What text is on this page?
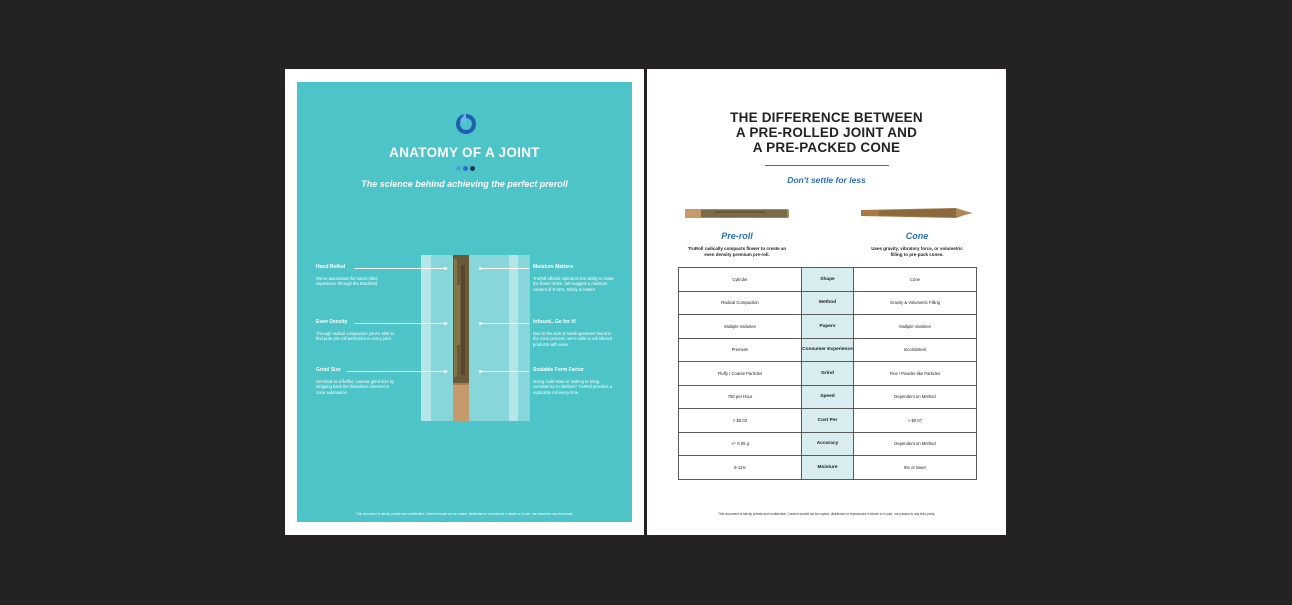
ANATOMY OF A JOINT
The science behind achieving the perfect preroll
Hand Rolled
We've automated the hand-rolled experience through the Blackbird.
Even Density
Through radical compaction you're able to find pure pre-roll perfection in every joint.
Grind Size
Get back to a fluffier, coarser grind size by stripping back the limitations inherent in cone automation.
Moisture Matters
TruRoll affords operators the ability to make the flower shine. We suggest a moisture content of 9-11%. Sticky is better!
Infused...Go for it!
Due to the lack of small apertures found in the cone process, we're able to roll infused products with ease.
Scalable Form Factor
Going multi-state or looking to bring consistency to shelves? TruRoll provides a replicable roll every time.
This document is strictly private and confidential. Content should not be copied, distributed or reproduced in whole or in part, nor passed to any third party.
THE DIFFERENCE BETWEEN
A PRE-ROLLED JOINT AND
A PRE-PACKED CONE
Don't settle for less
Pre-roll	Cone
TruRoll radically compacts flower to create an
even density premium pre-roll.
Uses gravity, vibratory force, or volumetric
filling to pre-pack cones.
Cylinder	Shape	Cone
Radical Compaction	Method	Gravity & Volumetric Filling
Multiple Varieties	Papers	Multiple Varieties
Premium	Consumer Experience	Inconsistent
Fluffy / Coarse Particles	Grind	Fine / Powder-like Particles
750 per Hour	Speed	Dependent on Method
< $0.03	Cost Per	> $0.07
+/- 0.05 g	Accuracy	Dependent on Method
9-11%	Moisture	6% or lower
This document is strictly private and confidential. Content should not be copied, distributed or reproduced in whole or in part, nor passed to any third party.
